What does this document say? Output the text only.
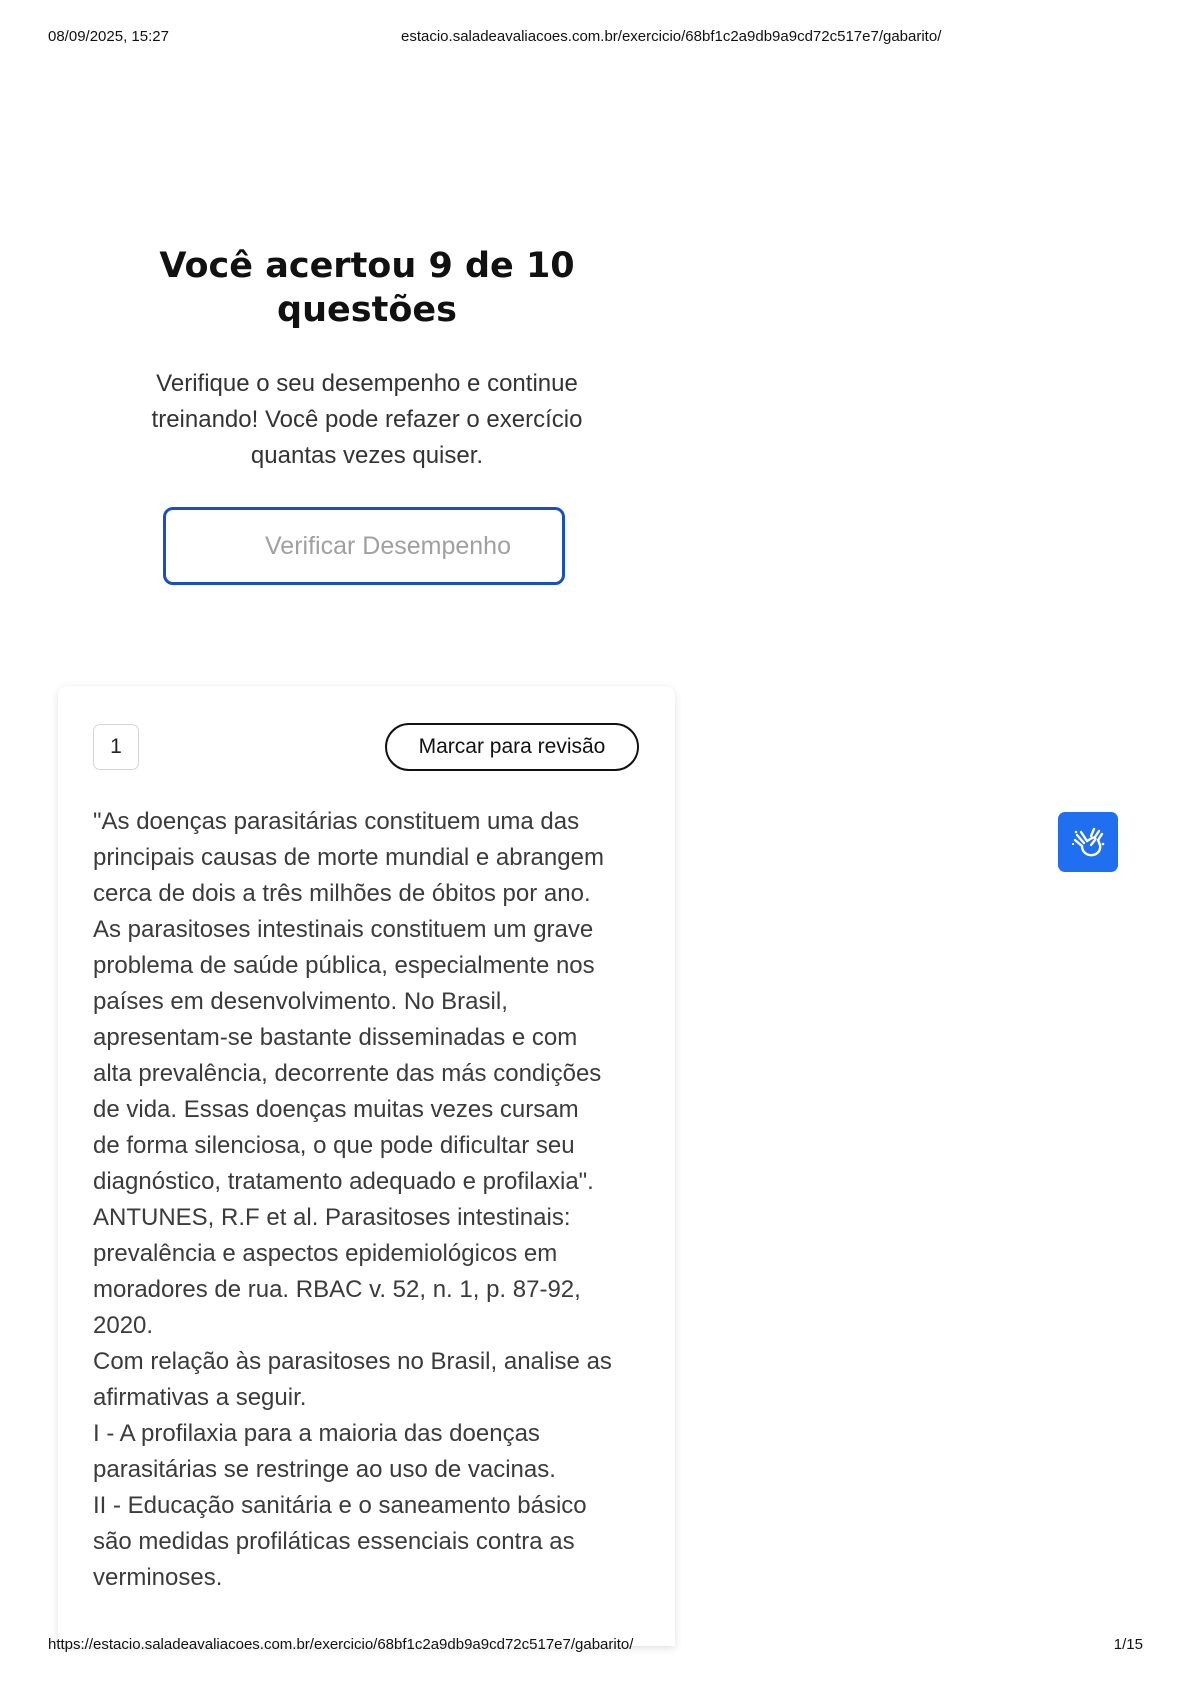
08/09/2025, 15:27	estacio.saladeavaliacoes.com.br/exercicio/68bf1c2a9db9a9cd72c517e7/gabarito/
Você acertou 9 de 10
questões

Verifique o seu desempenho e continue
treinando! Você pode refazer o exercício
quantas vezes quiser.

Verificar Desempenho
1	Marcar para revisão
"As doenças parasitárias constituem uma das
principais causas de morte mundial e abrangem
cerca de dois a três milhões de óbitos por ano.
As parasitoses intestinais constituem um grave
problema de saúde pública, especialmente nos
países em desenvolvimento. No Brasil,
apresentam-se bastante disseminadas e com
alta prevalência, decorrente das más condições
de vida. Essas doenças muitas vezes cursam
de forma silenciosa, o que pode dificultar seu
diagnóstico, tratamento adequado e profilaxia".
ANTUNES, R.F et al. Parasitoses intestinais:
prevalência e aspectos epidemiológicos em
moradores de rua. RBAC v. 52, n. 1, p. 87-92,
2020.
Com relação às parasitoses no Brasil, analise as
afirmativas a seguir.
I - A profilaxia para a maioria das doenças
parasitárias se restringe ao uso de vacinas.
II - Educação sanitária e o saneamento básico
são medidas profiláticas essenciais contra as
verminoses.
https://estacio.saladeavaliacoes.com.br/exercicio/68bf1c2a9db9a9cd72c517e7/gabarito/	1/15
